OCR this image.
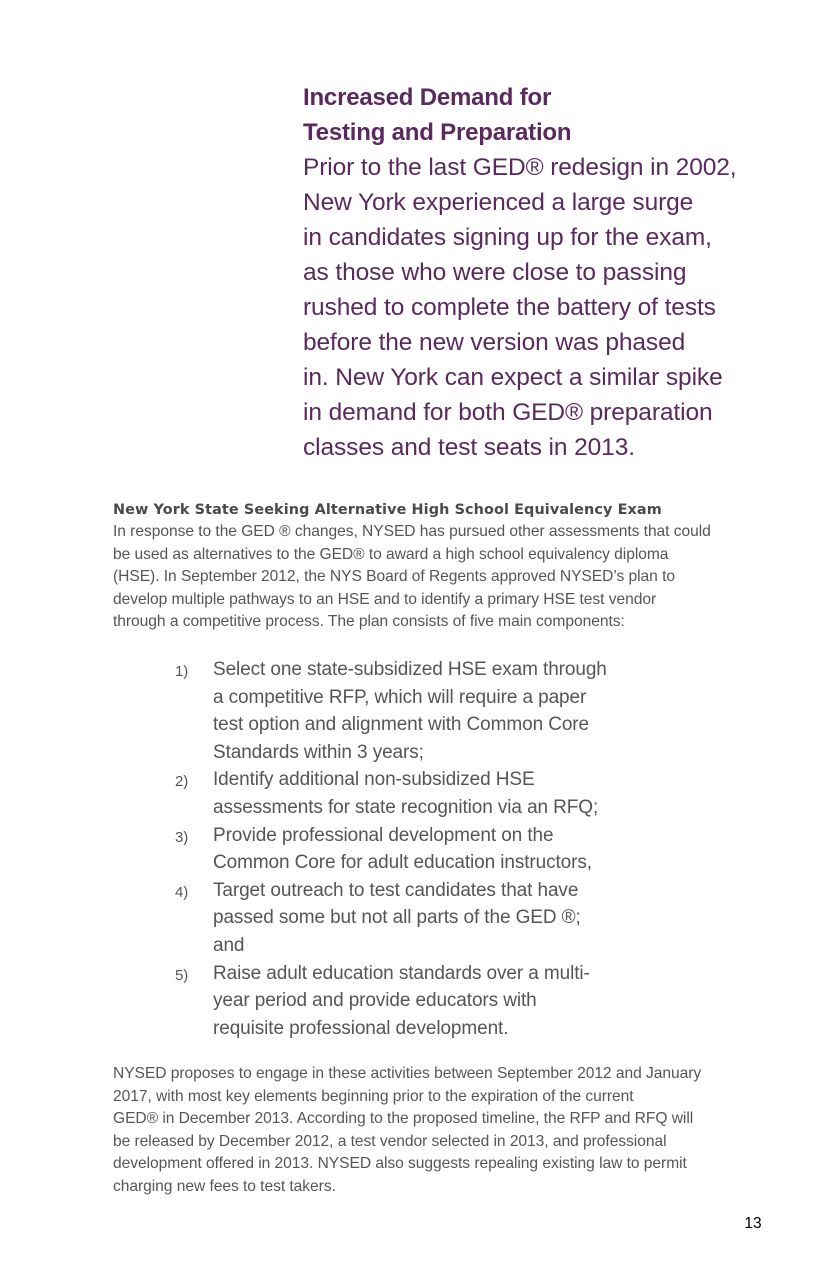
Increased Demand for
Testing and Preparation

Prior to the last GED® redesign in 2002,
New York experienced a large surge
in candidates signing up for the exam,
as those who were close to passing
rushed to complete the battery of tests
before the new version was phased
in. New York can expect a similar spike
in demand for both GED® preparation
classes and test seats in 2013.

New York State Seeking Alternative High School Equivalency Exam

In response to the GED ® changes, NYSED has pursued other assessments that could
be used as alternatives to the GED® to award a high school equivalency diploma
(HSE). In September 2012, the NYS Board of Regents approved NYSED’s plan to
develop multiple pathways to an HSE and to identify a primary HSE test vendor
through a competitive process. The plan consists of five main components:

1) Select one state-subsidized HSE exam through
a competitive RFP, which will require a paper
test option and alignment with Common Core
Standards within 3 years;
2) Identify additional non-subsidized HSE
assessments for state recognition via an RFQ;
3) Provide professional development on the
Common Core for adult education instructors,
4) Target outreach to test candidates that have
passed some but not all parts of the GED ®;
and
5) Raise adult education standards over a multi-
year period and provide educators with
requisite professional development.

NYSED proposes to engage in these activities between September 2012 and January
2017, with most key elements beginning prior to the expiration of the current
GED® in December 2013. According to the proposed timeline, the RFP and RFQ will
be released by December 2012, a test vendor selected in 2013, and professional
development offered in 2013. NYSED also suggests repealing existing law to permit
charging new fees to test takers.

13
